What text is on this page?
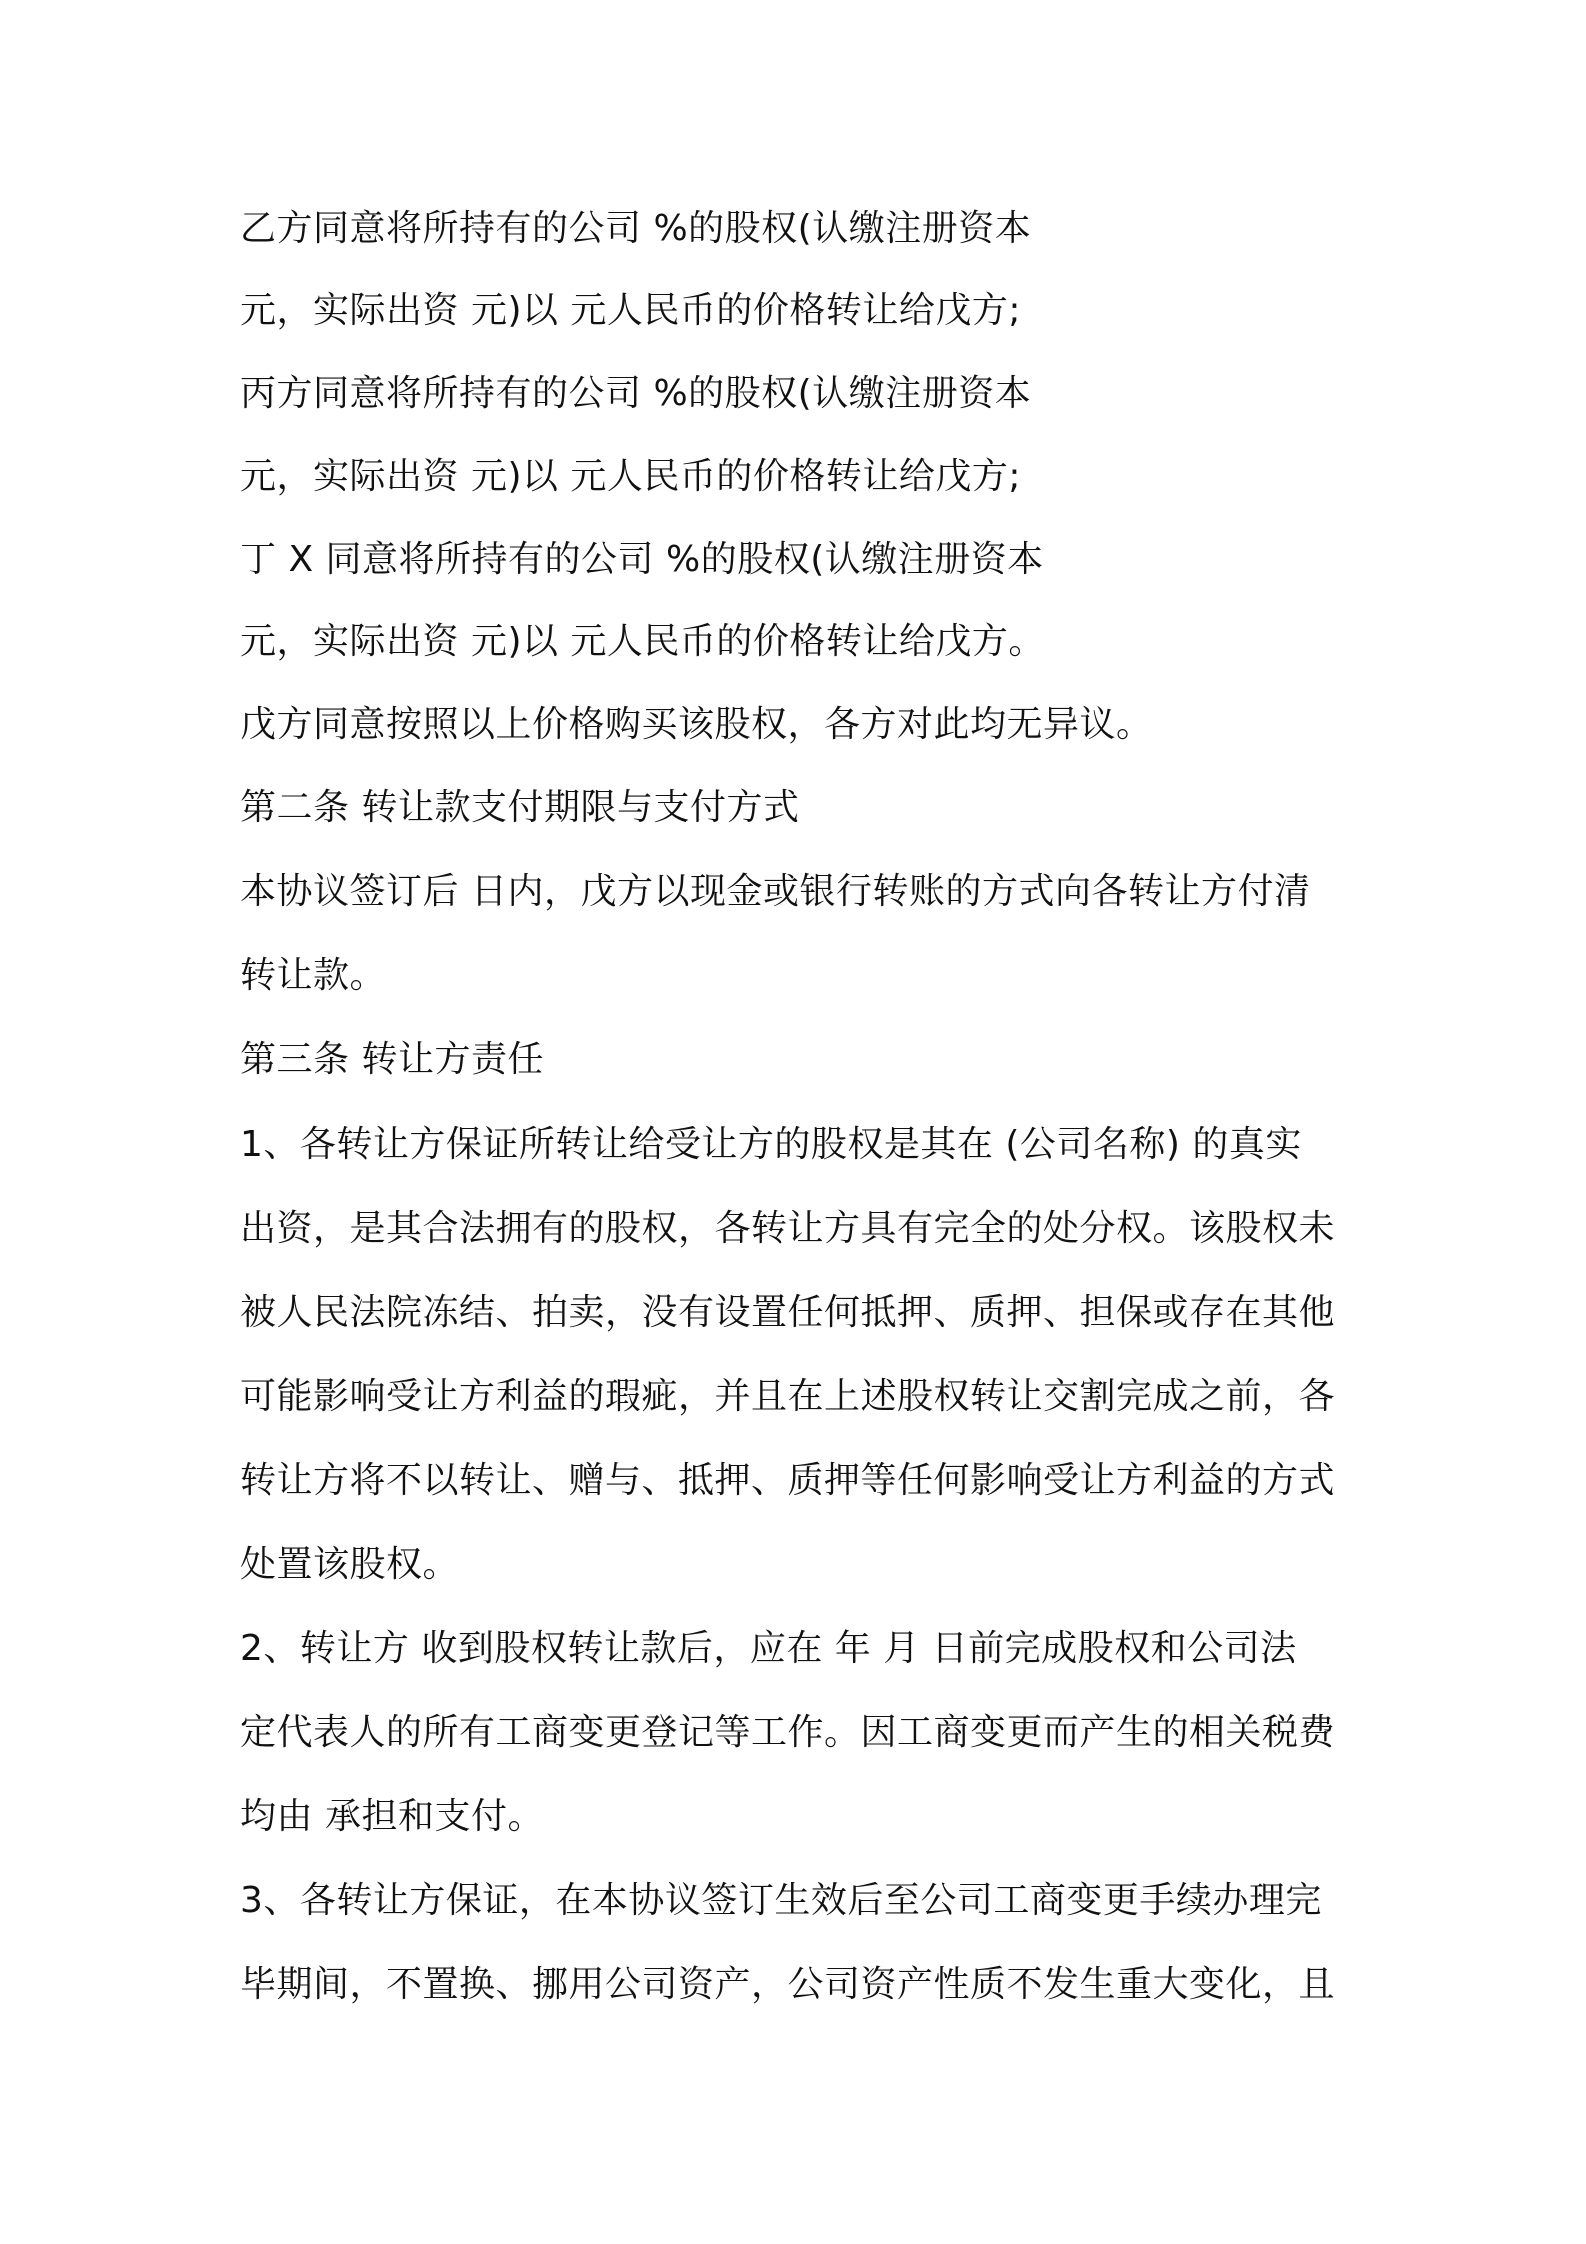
乙方同意将所持有的公司 %的股权(认缴注册资本
元，实际出资 元)以 元人民币的价格转让给戊方;
丙方同意将所持有的公司 %的股权(认缴注册资本
元，实际出资 元)以 元人民币的价格转让给戊方;
丁 X 同意将所持有的公司 %的股权(认缴注册资本
元，实际出资 元)以 元人民币的价格转让给戊方。
戊方同意按照以上价格购买该股权，各方对此均无异议。
第二条 转让款支付期限与支付方式
本协议签订后 日内，戊方以现金或银行转账的方式向各转让方付清
转让款。
第三条 转让方责任
1、各转让方保证所转让给受让方的股权是其在 (公司名称) 的真实
出资，是其合法拥有的股权，各转让方具有完全的处分权。该股权未
被人民法院冻结、拍卖，没有设置任何抵押、质押、担保或存在其他
可能影响受让方利益的瑕疵，并且在上述股权转让交割完成之前，各
转让方将不以转让、赠与、抵押、质押等任何影响受让方利益的方式
处置该股权。
2、转让方 收到股权转让款后，应在 年 月 日前完成股权和公司法
定代表人的所有工商变更登记等工作。因工商变更而产生的相关税费
均由 承担和支付。
3、各转让方保证，在本协议签订生效后至公司工商变更手续办理完
毕期间，不置换、挪用公司资产，公司资产性质不发生重大变化，且
